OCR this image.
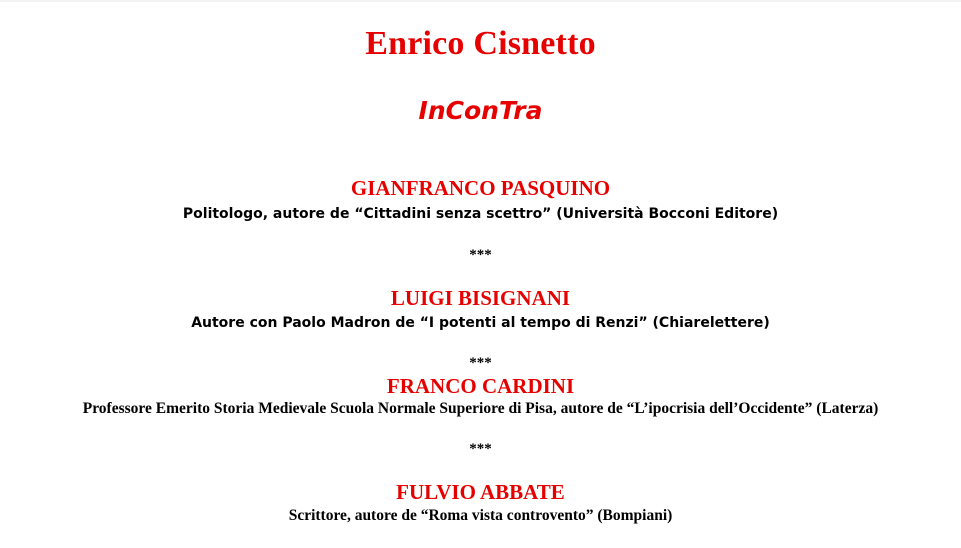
Enrico Cisnetto
InConTra
GIANFRANCO PASQUINO
Politologo, autore de “Cittadini senza scettro” (Università Bocconi Editore)
***
LUIGI BISIGNANI
Autore con Paolo Madron de “I potenti al tempo di Renzi” (Chiarelettere)
***
FRANCO CARDINI
Professore Emerito Storia Medievale Scuola Normale Superiore di Pisa, autore de “L’ipocrisia dell’Occidente” (Laterza)
***
FULVIO ABBATE
Scrittore, autore de “Roma vista controvento” (Bompiani)
